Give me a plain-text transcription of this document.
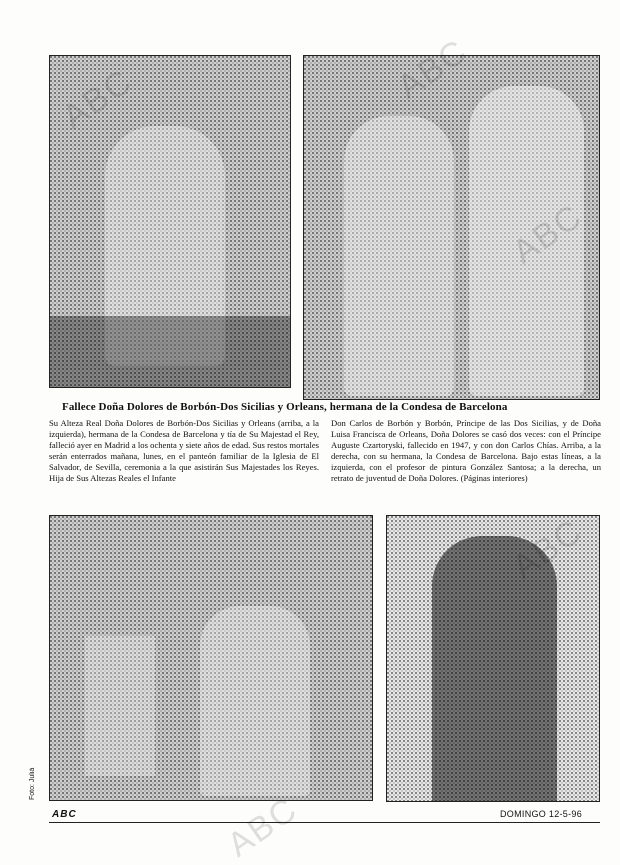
Fallece Doña Dolores de Borbón-Dos Sicilias y Orleans, hermana de la Condesa de Barcelona
Su Alteza Real Doña Dolores de Borbón-Dos Sicilias y Orleans (arriba, a la izquierda), hermana de la Condesa de Barcelona y tía de Su Majestad el Rey, falleció ayer en Madrid a los ochenta y siete años de edad. Sus restos mortales serán enterrados mañana, lunes, en el panteón familiar de la Iglesia de El Salvador, de Sevilla, ceremonia a la que asistirán Sus Majestades los Reyes. Hija de Sus Altezas Reales el Infante
Don Carlos de Borbón y Borbón, Príncipe de las Dos Sicilias, y de Doña Luisa Francisca de Orleans, Doña Dolores se casó dos veces: con el Príncipe Auguste Czartoryski, fallecido en 1947, y con don Carlos Chías. Arriba, a la derecha, con su hermana, la Condesa de Barcelona. Bajo estas líneas, a la izquierda, con el profesor de pintura González Santosa; a la derecha, un retrato de juventud de Doña Dolores. (Páginas interiores)
Foto: Juliá
ABC	DOMINGO 12-5-96
ABC
